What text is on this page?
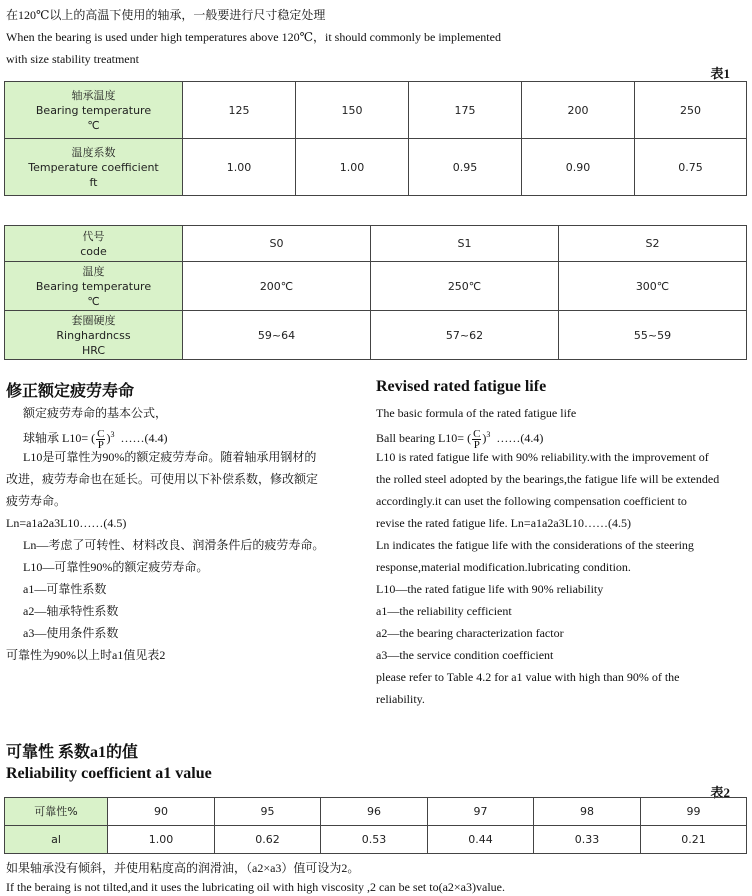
在120℃以上的高温下使用的轴承，一般要进行尺寸稳定处理
When the bearing is used under high temperatures above 120℃，it should commonly be implemented
with size stability treatment
表1
轴承温度
Bearing temperature
℃	125	150	175	200	250

温度系数
Temperature coefficient
ft	1.00	1.00	0.95	0.90	0.75
代号
code	S0	S1	S2

温度
Bearing temperature
℃	200℃	250℃	300℃

套圈硬度
Ringhardncss
HRC	59~64	57~62	55~59
修正额定疲劳寿命	Revised rated fatigue life
额定疲劳寿命的基本公式，
球轴承 L10= ( $\frac{C}{P} )^3$ ……(4.4)
L10是可靠性为90%的额定疲劳寿命。随着轴承用钢材的
改进，疲劳寿命也在延长。可使用以下补偿系数，修改额定
疲劳寿命。
Ln=a1a2a3L10……(4.5)
Ln—考虑了可转性、材料改良、润滑条件后的疲劳寿命。
L10—可靠性90%的额定疲劳寿命。
a1—可靠性系数
a2—轴承特性系数
a3—使用条件系数
可靠性为90%以上时a1值见表2
The basic formula of the rated fatigue life
Ball bearing L10= ( $\frac{C}{P} )^3$ ……(4.4)
L10 is rated fatigue life with 90% reliability.with the improvement of
the rolled steel adopted by the bearings,the fatigue life will be extended
accordingly.it can uset the following compensation coefficient to
revise the rated fatigue life. Ln=a1a2a3L10……(4.5)
Ln indicates the fatigue life with the considerations of the steering
response,material modification.lubricating condition.
L10—the rated fatigue life with 90% reliability
a1—the reliability cefficient
a2—the bearing characterization factor
a3—the service condition coefficient
please refer to Table 4.2 for a1 value with high than 90% of the
reliability.
可靠性 系数a1的值
Reliability coefficient a1 value
表2
可靠性%	90	95	96	97	98	99
al	1.00	0.62	0.53	0.44	0.33	0.21
如果轴承没有倾斜，并使用粘度高的润滑油，（a2×a3）值可设为2。
If the beraing is not tilted,and it uses the lubricating oil with high viscosity ,2 can be set to(a2×a3)value.
